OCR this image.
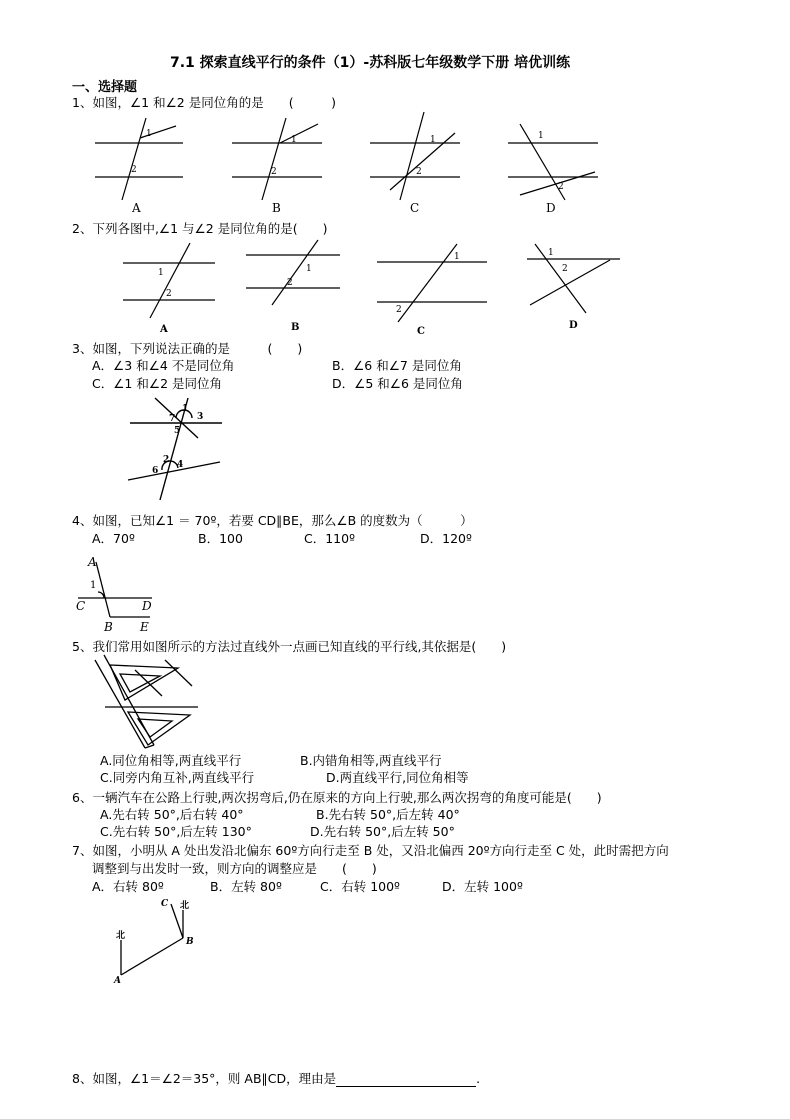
7.1 探索直线平行的条件（1）-苏科版七年级数学下册 培优训练
一、选择题
1、如图，∠1 和∠2 是同位角的是　　(　　　)
1
2
1
2
1
2
1
2
A	B	C	D
2、下列各图中,∠1 与∠2 是同位角的是(　　)
1
2
1
2
1
2
1
2
A	B	C
D
3、如图，下列说法正确的是　　　(　　)
A．∠3 和∠4 不是同位角	B．∠6 和∠7 是同位角
C．∠1 和∠2 是同位角	D．∠5 和∠6 是同位角
1
7 3
5
2
6
4
4、如图，已知∠1 ＝ 70º，若要 CD∥BE，那么∠B 的度数为（　　　）
A．70º	B．100	C．110º	D．120º
A
1
C	D
B E
5、我们常用如图所示的方法过直线外一点画已知直线的平行线,其依据是(　　)
A.同位角相等,两直线平行	B.内错角相等,两直线平行
C.同旁内角互补,两直线平行	D.两直线平行,同位角相等
6、一辆汽车在公路上行驶,两次拐弯后,仍在原来的方向上行驶,那么两次拐弯的角度可能是(　　)
A.先右转 50°,后右转 40°	B.先右转 50°,后左转 40°
C.先右转 50°,后左转 130°	D.先右转 50°,后左转 50°
7、如图，小明从 A 处出发沿北偏东 60º方向行走至 B 处，又沿北偏西 20º方向行走至 C 处，此时需把方向
调整到与出发时一致，则方向的调整应是　　(　　)
A．右转 80º	B．左转 80º	C．右转 100º	D．左转 100º
北
A
B
C 北
8、如图，∠1＝∠2＝35°，则 AB∥CD，理由是	.
